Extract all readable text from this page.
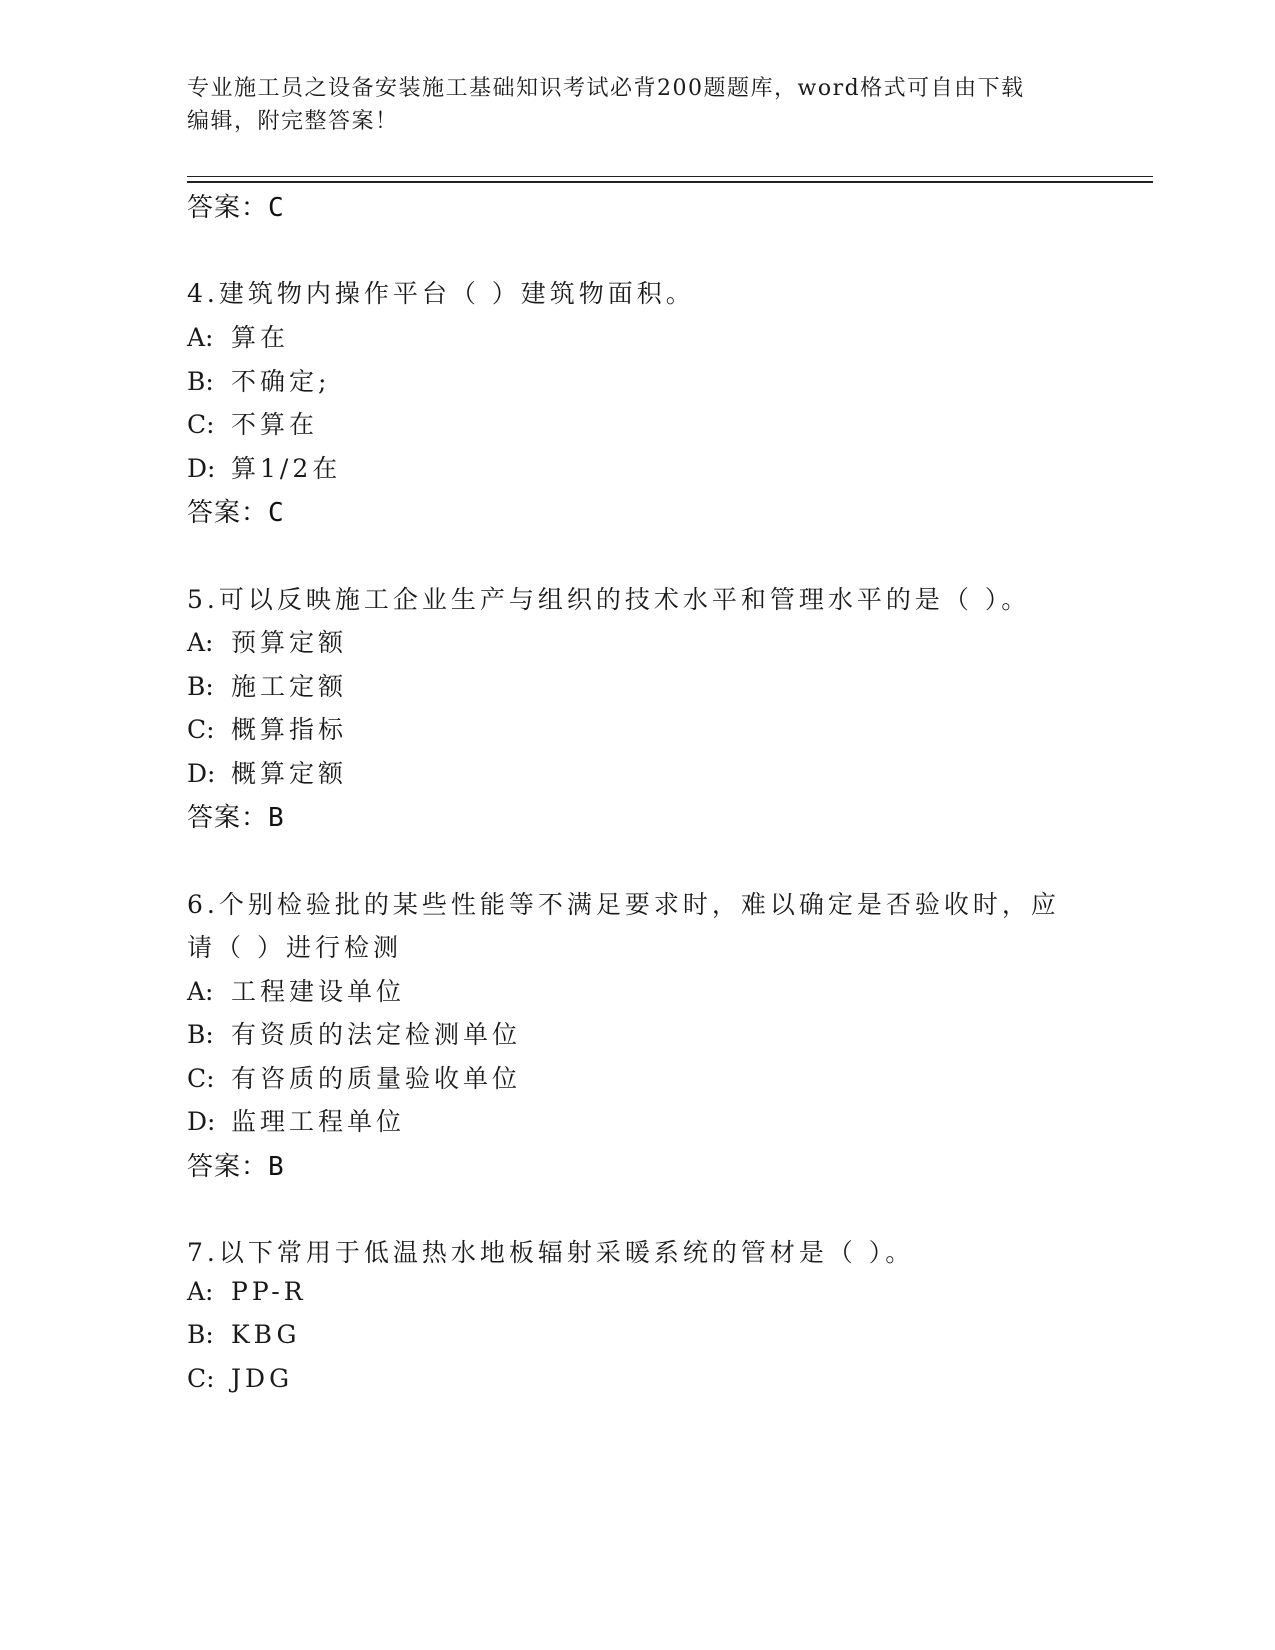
专业施工员之设备安装施工基础知识考试必背200题题库，word格式可自由下载
编辑，附完整答案！
答案：C
4.建筑物内操作平台（ ）建筑物面积。
A: 算在
B: 不确定;
C: 不算在
D: 算1/2在
答案：C
5.可以反映施工企业生产与组织的技术水平和管理水平的是（ ）。
A: 预算定额
B: 施工定额
C: 概算指标
D: 概算定额
答案：B
6.个别检验批的某些性能等不满足要求时，难以确定是否验收时，应
请（ ）进行检测
A: 工程建设单位
B: 有资质的法定检测单位
C: 有咨质的质量验收单位
D: 监理工程单位
答案：B
7.以下常用于低温热水地板辐射采暖系统的管材是（ ）。
A: PP-R
B: KBG
C: JDG
